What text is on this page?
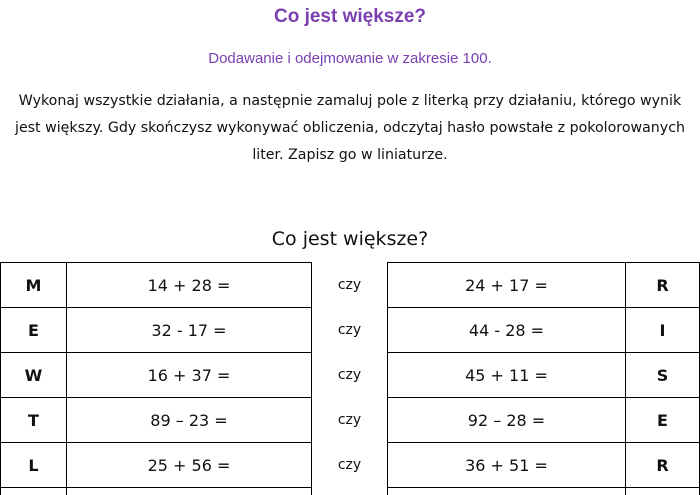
Co jest większe?
Dodawanie i odejmowanie w zakresie 100.
Wykonaj wszystkie działania, a następnie zamaluj pole z literką przy działaniu, którego wynik
jest większy. Gdy skończysz wykonywać obliczenia, odczytaj hasło powstałe z pokolorowanych
liter. Zapisz go w liniaturze.
Co jest większe?
M	14 + 28 =	czy	24 + 17 =	R
E	32 - 17 =	czy	44 - 28 =	I
W	16 + 37 =	czy	45 + 11 =	S
T	89 – 23 =	czy	92 – 28 =	E
L	25 + 56 =	czy	36 + 51 =	R
